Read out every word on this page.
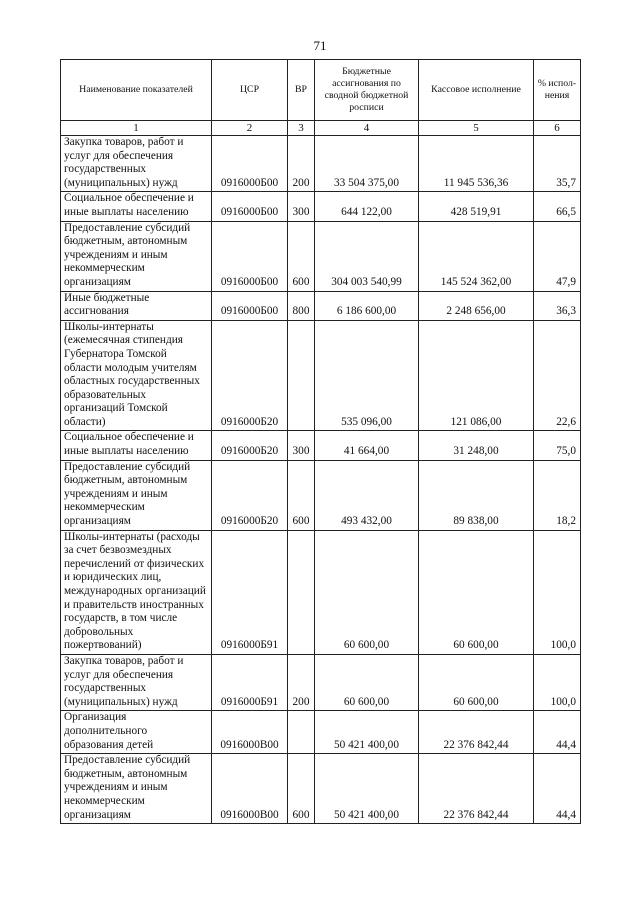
71
Наименование показателей	ЦСР	ВР	Бюджетные ассигнования по сводной бюджетной росписи	Кассовое исполнение	% испол-нения
1	2	3	4	5	6
Закупка товаров, работ и услуг для обеспечения государственных (муниципальных) нужд	0916000Б00	200	33 504 375,00	11 945 536,36	35,7
Социальное обеспечение и иные выплаты населению	0916000Б00	300	644 122,00	428 519,91	66,5
Предоставление субсидий бюджетным, автономным учреждениям и иным некоммерческим организациям	0916000Б00	600	304 003 540,99	145 524 362,00	47,9
Иные бюджетные ассигнования	0916000Б00	800	6 186 600,00	2 248 656,00	36,3
Школы-интернаты (ежемесячная стипендия Губернатора Томской области молодым учителям областных государственных образовательных организаций Томской области)	0916000Б20		535 096,00	121 086,00	22,6
Социальное обеспечение и иные выплаты населению	0916000Б20	300	41 664,00	31 248,00	75,0
Предоставление субсидий бюджетным, автономным учреждениям и иным некоммерческим организациям	0916000Б20	600	493 432,00	89 838,00	18,2
Школы-интернаты (расходы за счет безвозмездных перечислений от физических и юридических лиц, международных организаций и правительств иностранных государств, в том числе добровольных пожертвований)	0916000Б91		60 600,00	60 600,00	100,0
Закупка товаров, работ и услуг для обеспечения государственных (муниципальных) нужд	0916000Б91	200	60 600,00	60 600,00	100,0
Организация дополнительного образования детей	0916000В00		50 421 400,00	22 376 842,44	44,4
Предоставление субсидий бюджетным, автономным учреждениям и иным некоммерческим организациям	0916000В00	600	50 421 400,00	22 376 842,44	44,4
